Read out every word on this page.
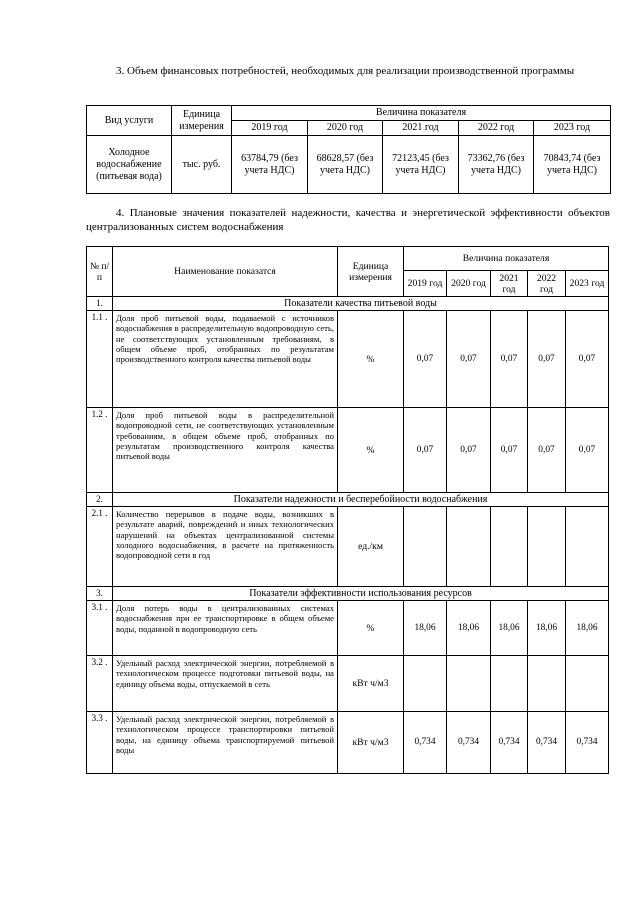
3. Объем финансовых потребностей, необходимых для реализации производственной программы
Вид услуги	Единица измерения	Величина показателя				
		2019 год	2020 год	2021 год	2022 год	2023 год
Холодное водоснабжение (питьевая вода)	тыс. руб.	63784,79 (без учета НДС)	68628,57 (без учета НДС)	72123,45 (без учета НДС)	73362,76 (без учета НДС)	70843,74 (без учета НДС)
4. Плановые значения показателей надежности, качества и энергетической эффективности объектов централизованных систем водоснабжения
№ п/ п	Наименование показатся	Единица измерения	Величина показателя				
			2019 год	2020 год	2021 год	2022 год	2023 год
1.	Показатели качества питьевой воды						
1.1 .	Доля проб питьевой воды, подаваемой с источников водоснабжения в распределительную водопроводную сеть, не соответствующих установленным требованиям, в общем объеме проб, отобранных по результатам производственного контроля качества питьевой воды	%	0,07	0,07	0,07	0,07	0,07
1.2 .	Доля проб питьевой воды в распределительной водопроводной сети, не соответствующих установленным требованиям, в общем объеме проб, отобранных по результатам производственного контроля качества питьевой воды	%	0,07	0,07	0,07	0,07	0,07
2.	Показатели надежности и бесперебойности водоснабжения						
2.1 .	Количество перерывов в подаче воды, возникших в результате аварий, повреждений и иных технологических нарушений на объектах централизованной системы холодного водоснабжения, в расчете на протяженность водопроводной сети в год	ед./км					
3.	Показатели эффективности использования ресурсов						
3.1 .	Доля потерь воды в централизованных системах водоснабжения при ее транспортировке в общем объеме воды, поданной в водопроводную сеть	%	18,06	18,06	18,06	18,06	18,06
3.2 .	Удельный расход электрической энергии, потребляемой в технологическом процессе подготовки питьевой воды, на единицу объема воды, отпускаемой в сеть	кВт ч/м3					
3.3 .	Удельный расход электрической энергии, потребляемой в технологическом процессе транспортировки питьевой воды, на единицу объема транспортируемой питьевой воды	кВт ч/м3	0,734	0,734	0,734	0,734	0,734
